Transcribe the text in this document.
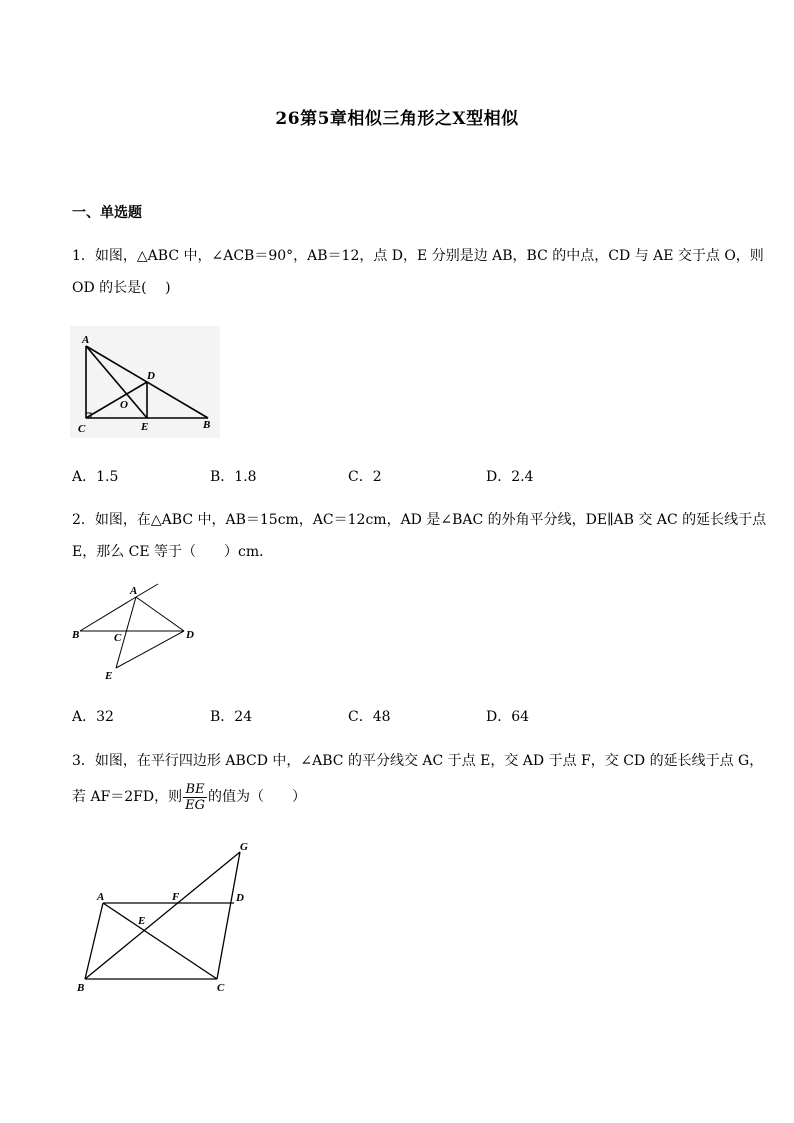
26第5章相似三角形之X型相似
一、单选题
1．如图，△ABC 中，∠ACB＝90°，AB＝12，点 D，E 分别是边 AB，BC 的中点，CD 与 AE 交于点 O，则
OD 的长是(　 )
A
D
O
C	E	B
A．1.5	B．1.8	C．2	D．2.4
2．如图，在△ABC 中，AB＝15cm，AC＝12cm，AD 是∠BAC 的外角平分线，DE∥AB 交 AC 的延长线于点
E，那么 CE 等于（　　）cm．
A
B	C	D
E
A．32	B．24	C．48	D．64
3．如图，在平行四边形 ABCD 中，∠ABC 的平分线交 AC 于点 E，交 AD 于点 F，交 CD 的延长线于点 G，
若 AF＝2FD，则 $\frac{BE}{EG}$ 的值为（　　）
G
A	F	D
E
B	C
